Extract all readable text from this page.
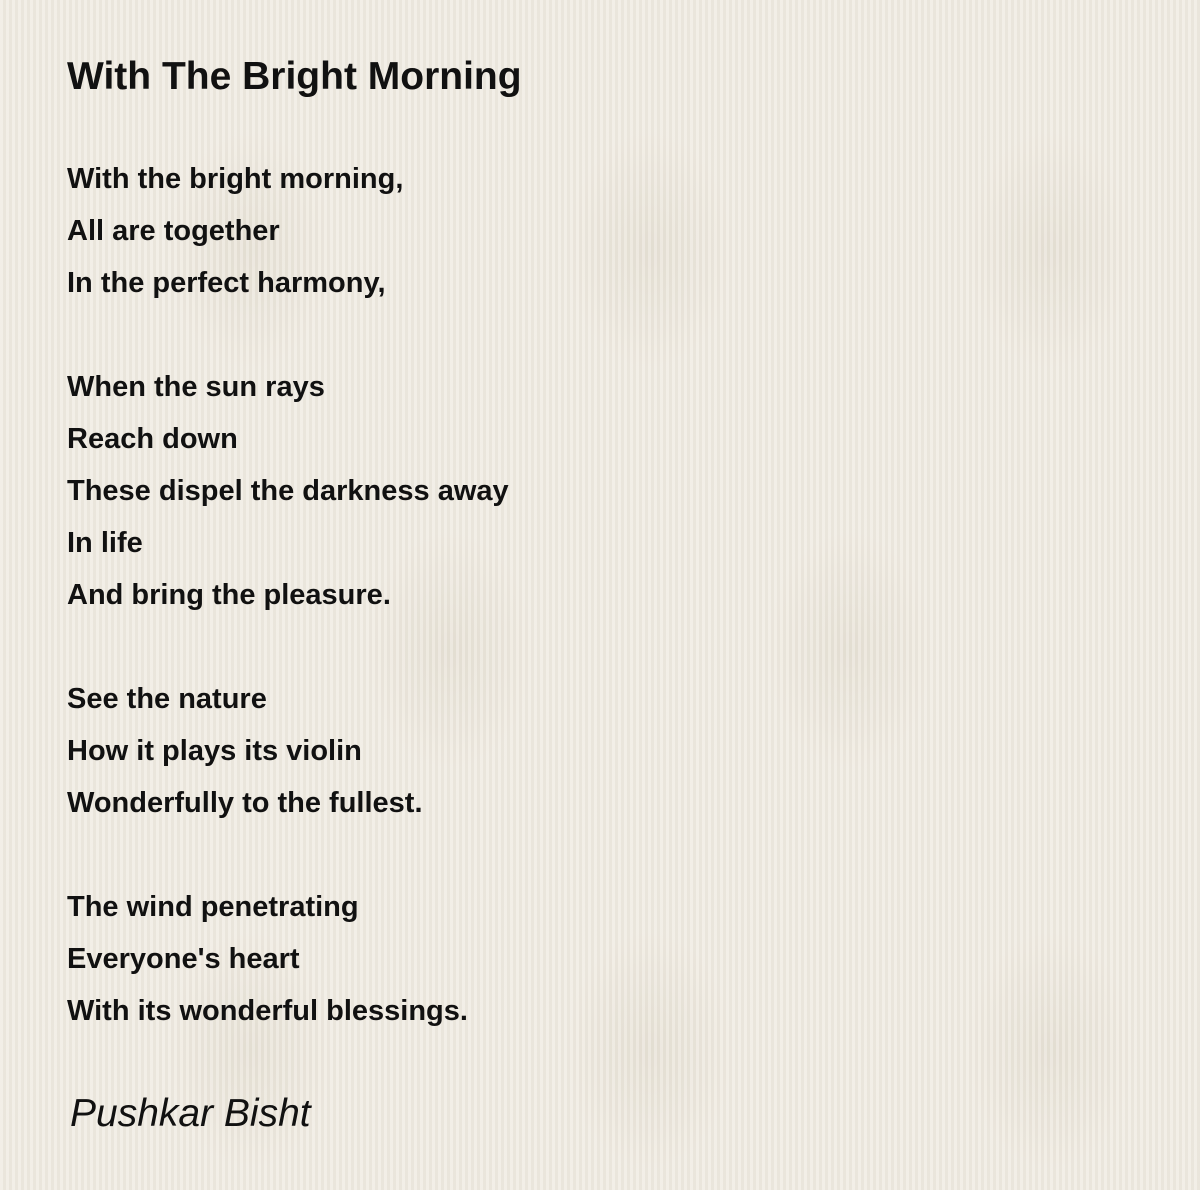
With The Bright Morning
With the bright morning,
All are together
In the perfect harmony,
When the sun rays
Reach down
These dispel the darkness away
In life
And bring the pleasure.
See the nature
How it plays its violin
Wonderfully to the fullest.
The wind penetrating
Everyone's heart
With its wonderful blessings.
Pushkar Bisht
